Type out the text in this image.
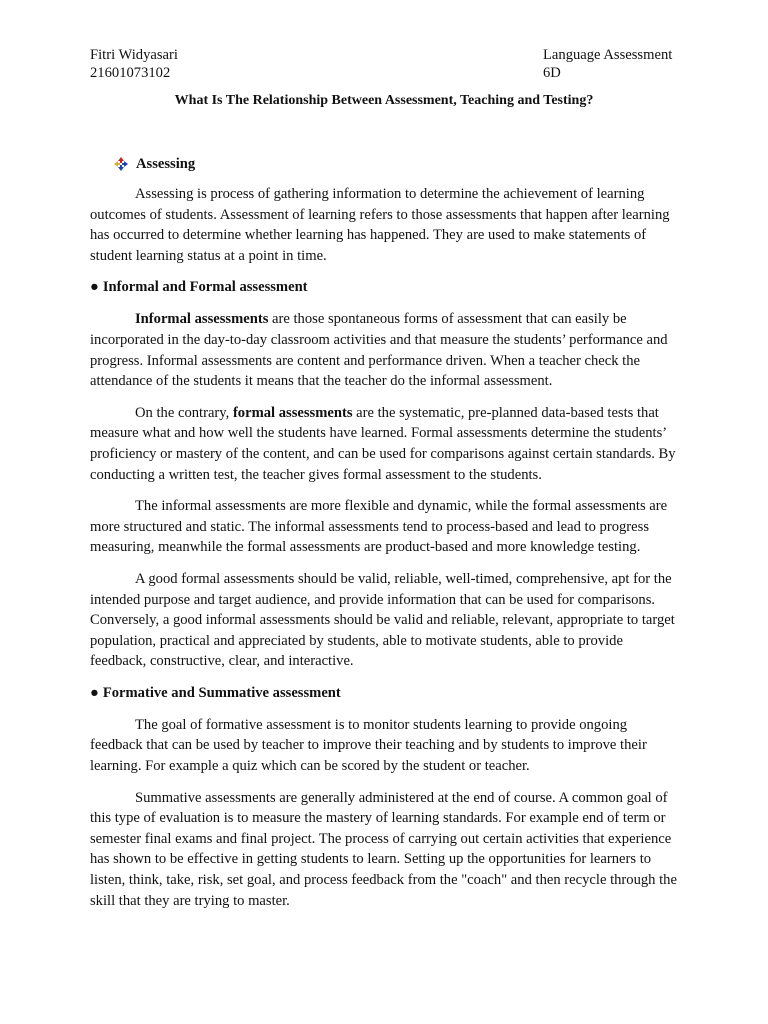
Fitri Widyasari
21601073102
Language Assessment
6D
What Is The Relationship Between Assessment, Teaching and Testing?
Assessing

Assessing is process of gathering information to determine the achievement of learning outcomes of students. Assessment of learning refers to those assessments that happen after learning has occurred to determine whether learning has happened. They are used to make statements of student learning status at a point in time.

● Informal and Formal assessment

Informal assessments are those spontaneous forms of assessment that can easily be incorporated in the day-to-day classroom activities and that measure the students’ performance and progress. Informal assessments are content and performance driven. When a teacher check the attendance of the students it means that the teacher do the informal assessment.

On the contrary, formal assessments are the systematic, pre-planned data-based tests that measure what and how well the students have learned. Formal assessments determine the students’ proficiency or mastery of the content, and can be used for comparisons against certain standards. By conducting a written test, the teacher gives formal assessment to the students.

The informal assessments are more flexible and dynamic, while the formal assessments are more structured and static. The informal assessments tend to process-based and lead to progress measuring, meanwhile the formal assessments are product-based and more knowledge testing.

A good formal assessments should be valid, reliable, well-timed, comprehensive, apt for the intended purpose and target audience, and provide information that can be used for comparisons. Conversely, a good informal assessments should be valid and reliable, relevant, appropriate to target population, practical and appreciated by students, able to motivate students, able to provide feedback, constructive, clear, and interactive.

● Formative and Summative assessment

The goal of formative assessment is to monitor students learning to provide ongoing feedback that can be used by teacher to improve their teaching and by students to improve their learning. For example a quiz which can be scored by the student or teacher.

Summative assessments are generally administered at the end of course. A common goal of this type of evaluation is to measure the mastery of learning standards. For example end of term or semester final exams and final project. The process of carrying out certain activities that experience has shown to be effective in getting students to learn. Setting up the opportunities for learners to listen, think, take, risk, set goal, and process feedback from the "coach" and then recycle through the skill that they are trying to master.
